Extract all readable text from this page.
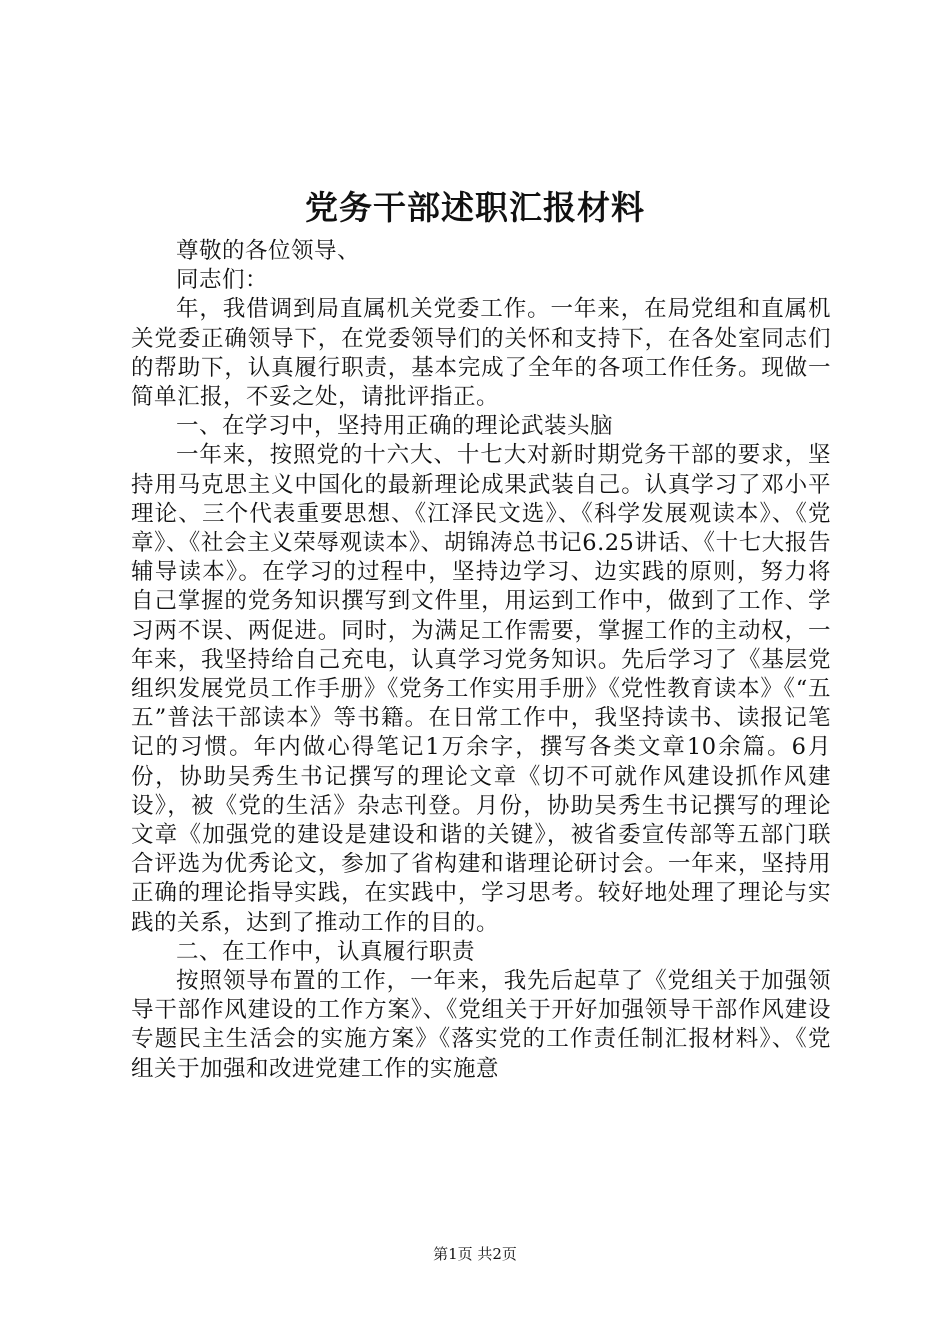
党务干部述职汇报材料

尊敬的各位领导、

同志们：

年，我借调到局直属机关党委工作。一年来，在局党组和直属机关党委正确领导下，在党委领导们的关怀和支持下，在各处室同志们的帮助下，认真履行职责，基本完成了全年的各项工作任务。现做一简单汇报，不妥之处，请批评指正。

一、在学习中，坚持用正确的理论武装头脑

一年来，按照党的十六大、十七大对新时期党务干部的要求，坚持用马克思主义中国化的最新理论成果武装自己。认真学习了邓小平理论、三个代表重要思想、《江泽民文选》、《科学发展观读本》、《党章》、《社会主义荣辱观读本》、胡锦涛总书记6.25讲话、《十七大报告辅导读本》。在学习的过程中，坚持边学习、边实践的原则，努力将自己掌握的党务知识撰写到文件里，用运到工作中，做到了工作、学习两不误、两促进。同时，为满足工作需要，掌握工作的主动权，一年来，我坚持给自己充电，认真学习党务知识。先后学习了《基层党组织发展党员工作手册》《党务工作实用手册》《党性教育读本》《“五五”普法干部读本》等书籍。在日常工作中，我坚持读书、读报记笔记的习惯。年内做心得笔记1万余字，撰写各类文章10余篇。6月份，协助吴秀生书记撰写的理论文章《切不可就作风建设抓作风建设》，被《党的生活》杂志刊登。月份，协助吴秀生书记撰写的理论文章《加强党的建设是建设和谐的关键》，被省委宣传部等五部门联合评选为优秀论文，参加了省构建和谐理论研讨会。一年来，坚持用正确的理论指导实践，在实践中，学习思考。较好地处理了理论与实践的关系，达到了推动工作的目的。

二、在工作中，认真履行职责

按照领导布置的工作，一年来，我先后起草了《党组关于加强领导干部作风建设的工作方案》、《党组关于开好加强领导干部作风建设专题民主生活会的实施方案》《落实党的工作责任制汇报材料》、《党组关于加强和改进党建工作的实施意

第1页 共2页
